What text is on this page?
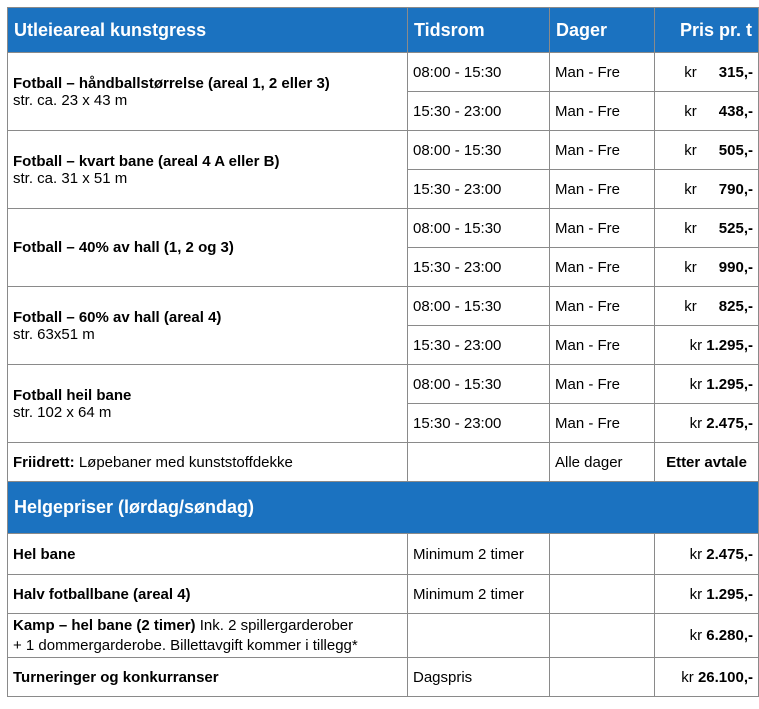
Utleieareal kunstgress	Tidsrom	Dager	Pris pr. t

Fotball – håndballstørrelse (areal 1, 2 eller 3)
str. ca. 23 x 43 m	08:00 - 15:30	Man - Fre	kr 315,-
	15:30 - 23:00	Man - Fre	kr 438,-

Fotball – kvart bane (areal 4 A eller B)
str. ca. 31 x 51 m	08:00 - 15:30	Man - Fre	kr 505,-
	15:30 - 23:00	Man - Fre	kr 790,-

Fotball – 40% av hall (1, 2 og 3)	08:00 - 15:30	Man - Fre	kr 525,-
	15:30 - 23:00	Man - Fre	kr 990,-

Fotball – 60% av hall (areal 4)
str. 63x51 m	08:00 - 15:30	Man - Fre	kr 825,-
	15:30 - 23:00	Man - Fre	kr 1.295,-

Fotball heil bane
str. 102 x 64 m	08:00 - 15:30	Man - Fre	kr 1.295,-
	15:30 - 23:00	Man - Fre	kr 2.475,-
Friidrett: Løpebaner med kunststoffdekke		Alle dager	Etter avtale
Helgepriser (lørdag/søndag)			
Hel bane	Minimum 2 timer		kr 2.475,-
Halv fotballbane (areal 4)	Minimum 2 timer		kr 1.295,-
Kamp – hel bane (2 timer) Ink. 2 spillergarderober
+ 1 dommergarderobe. Billettavgift kommer i tillegg*			kr 6.280,-
Turneringer og konkurranser	Dagspris		kr 26.100,-
